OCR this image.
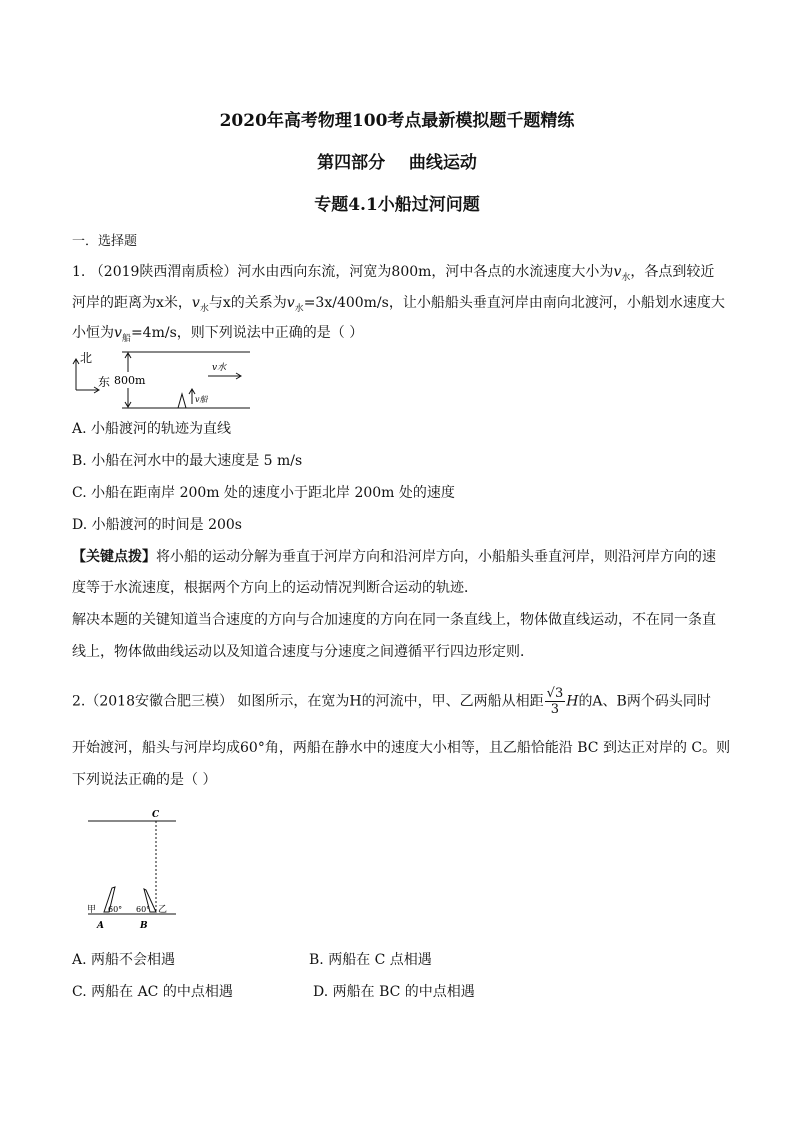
2020年高考物理100考点最新模拟题千题精练
第四部分    曲线运动
专题4.1小船过河问题
一．选择题
1. （2019陕西渭南质检）河水由西向东流，河宽为800m，河中各点的水流速度大小为$v_水$，各点到较近
河岸的距离为x米，$v_水$与x的关系为$v_水=3x/400m/s$，让小船船头垂直河岸由南向北渡河，小船划水速度大
小恒为$v_船=4m/s$，则下列说法中正确的是（ ）
北
东 800m
v水
v船
A. 小船渡河的轨迹为直线
B. 小船在河水中的最大速度是 5 m/s
C. 小船在距南岸 200m 处的速度小于距北岸 200m 处的速度
D. 小船渡河的时间是 200s
【关键点拨】将小船的运动分解为垂直于河岸方向和沿河岸方向，小船船头垂直河岸，则沿河岸方向的速
度等于水流速度，根据两个方向上的运动情况判断合运动的轨迹．
解决本题的关键知道当合速度的方向与合加速度的方向在同一条直线上，物体做直线运动，不在同一条直
线上，物体做曲线运动以及知道合速度与分速度之间遵循平行四边形定则．
2.（2018安徽合肥三模） 如图所示，在宽为H的河流中，甲、乙两船从相距 $\frac{√3}{3}$ H的A、B两个码头同时
开始渡河，船头与河岸均成60°角，两船在静水中的速度大小相等，且乙船恰能沿 BC 到达正对岸的 C。则
下列说法正确的是（ ）
C
甲 60° 60° 乙
A	B
A. 两船不会相遇	B. 两船在 C 点相遇
C. 两船在 AC 的中点相遇	D. 两船在 BC 的中点相遇
